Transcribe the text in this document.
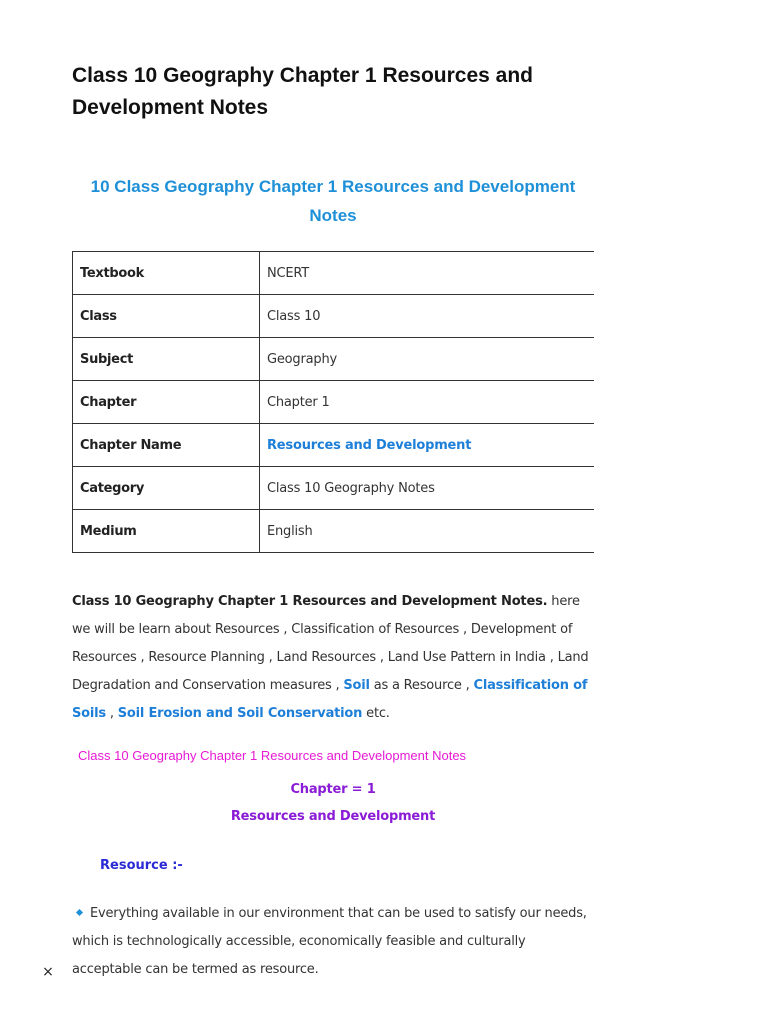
Class 10 Geography Chapter 1 Resources and Development Notes
10 Class Geography Chapter 1 Resources and Development Notes
Textbook	NCERT
Class	Class 10
Subject	Geography
Chapter	Chapter 1
Chapter Name	Resources and Development
Category	Class 10 Geography Notes
Medium	English

Class 10 Geography Chapter 1 Resources and Development Notes. here we will be learn about Resources , Classification of Resources , Development of Resources , Resource Planning , Land Resources , Land Use Pattern in India , Land Degradation and Conservation measures , Soil as a Resource , Classification of Soils , Soil Erosion and Soil Conservation etc.

Class 10 Geography Chapter 1 Resources and Development Notes

Chapter = 1

Resources and Development

Resource :-

Everything available in our environment that can be used to satisfy our needs, which is technologically accessible, economically feasible and culturally acceptable can be termed as resource.

×
